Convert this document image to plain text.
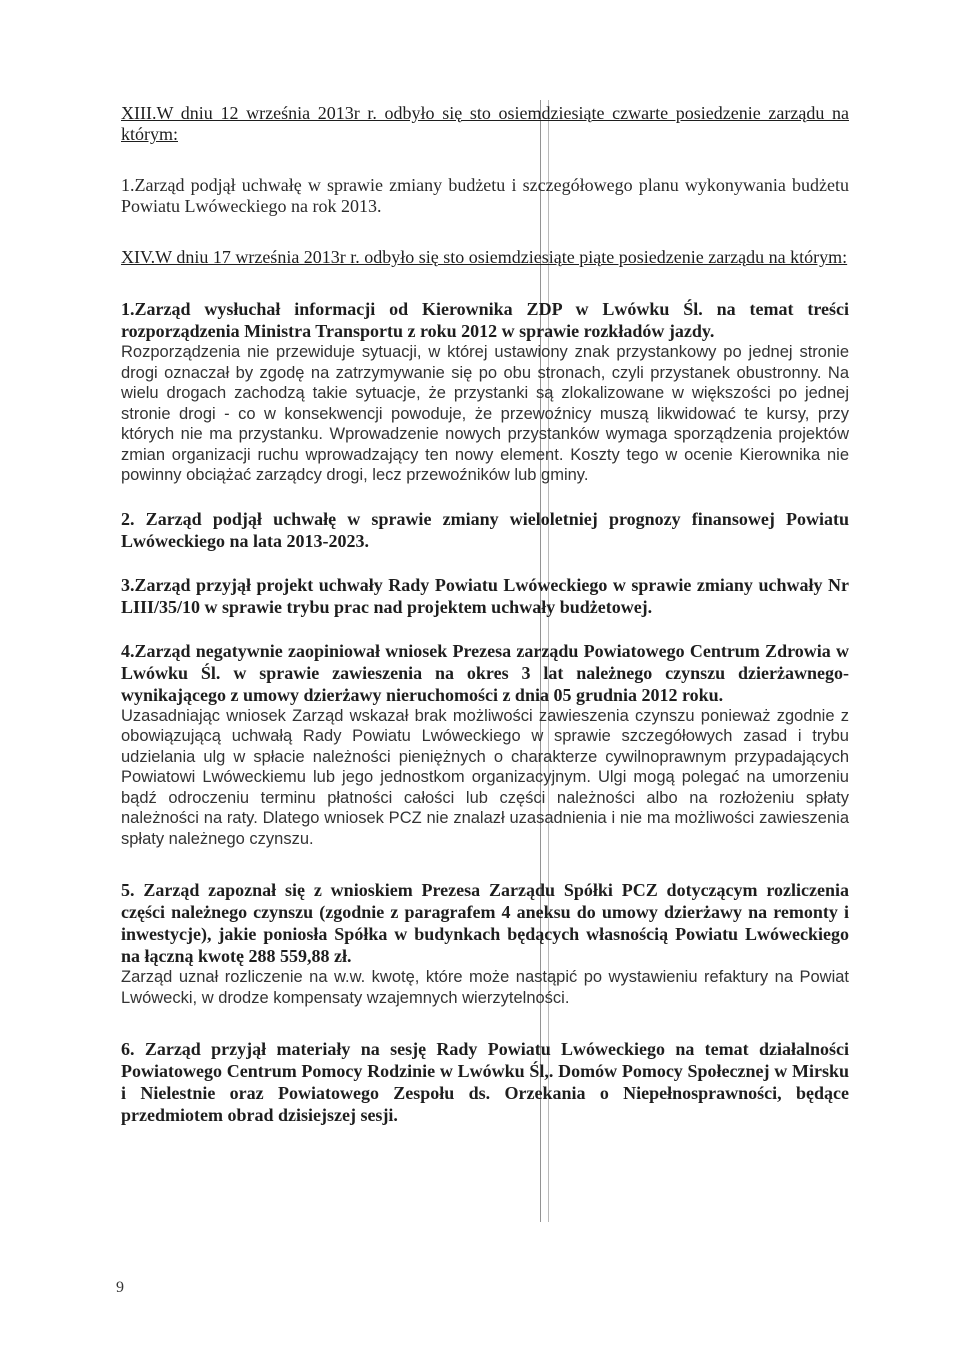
XIII.W dniu 12 września 2013r r. odbyło się sto osiemdziesiąte czwarte posiedzenie zarządu na którym:

1.Zarząd podjął uchwałę w sprawie zmiany budżetu i szczegółowego planu wykonywania budżetu Powiatu Lwóweckiego na rok 2013.

XIV.W dniu 17 września 2013r r. odbyło się sto osiemdziesiąte piąte posiedzenie zarządu na którym:

1.Zarząd wysłuchał informacji od Kierownika ZDP w Lwówku Śl. na temat treści rozporządzenia Ministra Transportu z roku 2012 w sprawie rozkładów jazdy.

Rozporządzenia nie przewiduje sytuacji, w której ustawiony znak przystankowy po jednej stronie drogi oznaczał by zgodę na zatrzymywanie się po obu stronach, czyli przystanek obustronny. Na wielu drogach zachodzą takie sytuacje, że przystanki są zlokalizowane w większości po jednej stronie drogi - co w konsekwencji powoduje, że przewoźnicy muszą likwidować te kursy, przy których nie ma przystanku. Wprowadzenie nowych przystanków wymaga sporządzenia projektów zmian organizacji ruchu wprowadzający ten nowy element. Koszty tego w ocenie Kierownika nie powinny obciążać zarządcy drogi, lecz przewoźników lub gminy.

2. Zarząd podjął uchwałę w sprawie zmiany wieloletniej prognozy finansowej Powiatu Lwóweckiego na lata 2013-2023.

3.Zarząd przyjął projekt uchwały Rady Powiatu Lwóweckiego w sprawie zmiany uchwały Nr LIII/35/10 w sprawie trybu prac nad projektem uchwały budżetowej.

4.Zarząd negatywnie zaopiniował wniosek Prezesa zarządu Powiatowego Centrum Zdrowia w Lwówku Śl. w sprawie zawieszenia na okres 3 lat należnego czynszu dzierżawnego- wynikającego z umowy dzierżawy nieruchomości z dnia 05 grudnia 2012 roku.

Uzasadniając wniosek Zarząd wskazał brak możliwości zawieszenia czynszu ponieważ zgodnie z obowiązującą uchwałą Rady Powiatu Lwóweckiego w sprawie szczegółowych zasad i trybu udzielania ulg w spłacie należności pieniężnych o charakterze cywilnoprawnym przypadających Powiatowi Lwóweckiemu lub jego jednostkom organizacyjnym. Ulgi mogą polegać na umorzeniu bądź odroczeniu terminu płatności całości lub części należności albo na rozłożeniu spłaty należności na raty. Dlatego wniosek PCZ nie znalazł uzasadnienia i nie ma możliwości zawieszenia spłaty należnego czynszu.

5. Zarząd zapoznał się z wnioskiem Prezesa Zarządu Spółki PCZ dotyczącym rozliczenia części należnego czynszu (zgodnie z paragrafem 4 aneksu do umowy dzierżawy na remonty i inwestycje), jakie poniosła Spółka w budynkach będących własnością Powiatu Lwóweckiego na łączną kwotę 288 559,88 zł.

Zarząd uznał rozliczenie na w.w. kwotę, które może nastąpić po wystawieniu refaktury na Powiat Lwówecki, w drodze kompensaty wzajemnych wierzytelności.

6. Zarząd przyjął materiały na sesję Rady Powiatu Lwóweckiego na temat działalności Powiatowego Centrum Pomocy Rodzinie w Lwówku Śl,. Domów Pomocy Społecznej w Mirsku i Nielestnie oraz Powiatowego Zespołu ds. Orzekania o Niepełnosprawności, będące przedmiotem obrad dzisiejszej sesji.

9
